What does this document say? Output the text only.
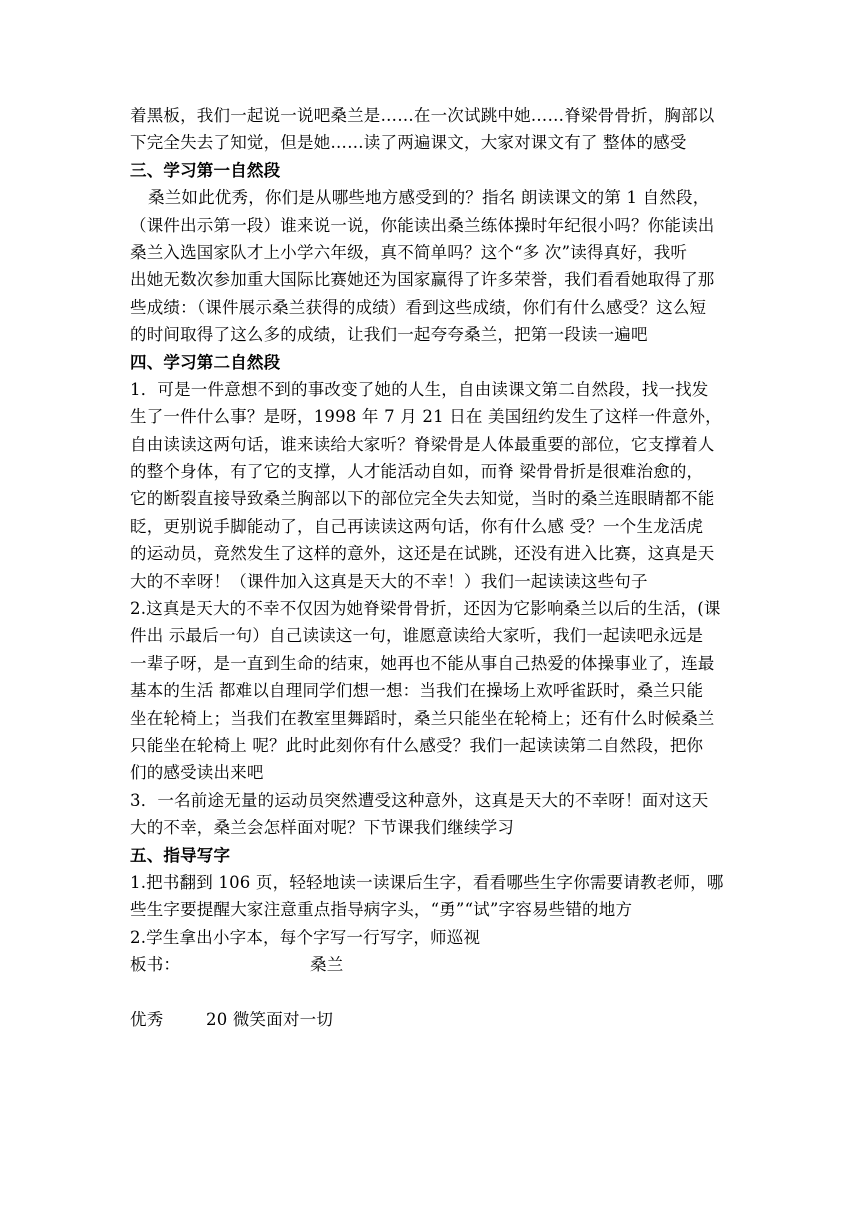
着黑板，我们一起说一说吧桑兰是……在一次试跳中她……脊梁骨骨折，胸部以
下完全失去了知觉，但是她……读了两遍课文，大家对课文有了 整体的感受
三、学习第一自然段
桑兰如此优秀，你们是从哪些地方感受到的？指名 朗读课文的第 1 自然段，
（课件出示第一段）谁来说一说，你能读出桑兰练体操时年纪很小吗？你能读出
桑兰入选国家队才上小学六年级，真不简单吗？这个“多 次”读得真好，我听
出她无数次参加重大国际比赛她还为国家赢得了许多荣誉，我们看看她取得了那
些成绩：（课件展示桑兰获得的成绩）看到这些成绩，你们有什么感受？这么短
的时间取得了这么多的成绩，让我们一起夸夸桑兰，把第一段读一遍吧
四、学习第二自然段
1．可是一件意想不到的事改变了她的人生，自由读课文第二自然段，找一找发
生了一件什么事？是呀，1998 年 7 月 21 日在 美国纽约发生了这样一件意外，
自由读读这两句话，谁来读给大家听？脊梁骨是人体最重要的部位，它支撑着人
的整个身体，有了它的支撑，人才能活动自如，而脊 梁骨骨折是很难治愈的，
它的断裂直接导致桑兰胸部以下的部位完全失去知觉，当时的桑兰连眼睛都不能
眨，更别说手脚能动了，自己再读读这两句话，你有什么感 受？一个生龙活虎
的运动员，竟然发生了这样的意外，这还是在试跳，还没有进入比赛，这真是天
大的不幸呀！（课件加入这真是天大的不幸！）我们一起读读这些句子
2.这真是天大的不幸不仅因为她脊梁骨骨折，还因为它影响桑兰以后的生活，(课
件出 示最后一句）自己读读这一句，谁愿意读给大家听，我们一起读吧永远是
一辈子呀，是一直到生命的结束，她再也不能从事自己热爱的体操事业了，连最
基本的生活 都难以自理同学们想一想：当我们在操场上欢呼雀跃时，桑兰只能
坐在轮椅上；当我们在教室里舞蹈时，桑兰只能坐在轮椅上；还有什么时候桑兰
只能坐在轮椅上 呢？此时此刻你有什么感受？我们一起读读第二自然段，把你
们的感受读出来吧
3．一名前途无量的运动员突然遭受这种意外，这真是天大的不幸呀！面对这天
大的不幸，桑兰会怎样面对呢？下节课我们继续学习
五、指导写字
1.把书翻到 106 页，轻轻地读一读课后生字，看看哪些生字你需要请教老师，哪
些生字要提醒大家注意重点指导病字头，“勇”“试”字容易些错的地方
2.学生拿出小字本，每个字写一行写字，师巡视
板书：	桑兰
优秀	20 微笑面对一切
